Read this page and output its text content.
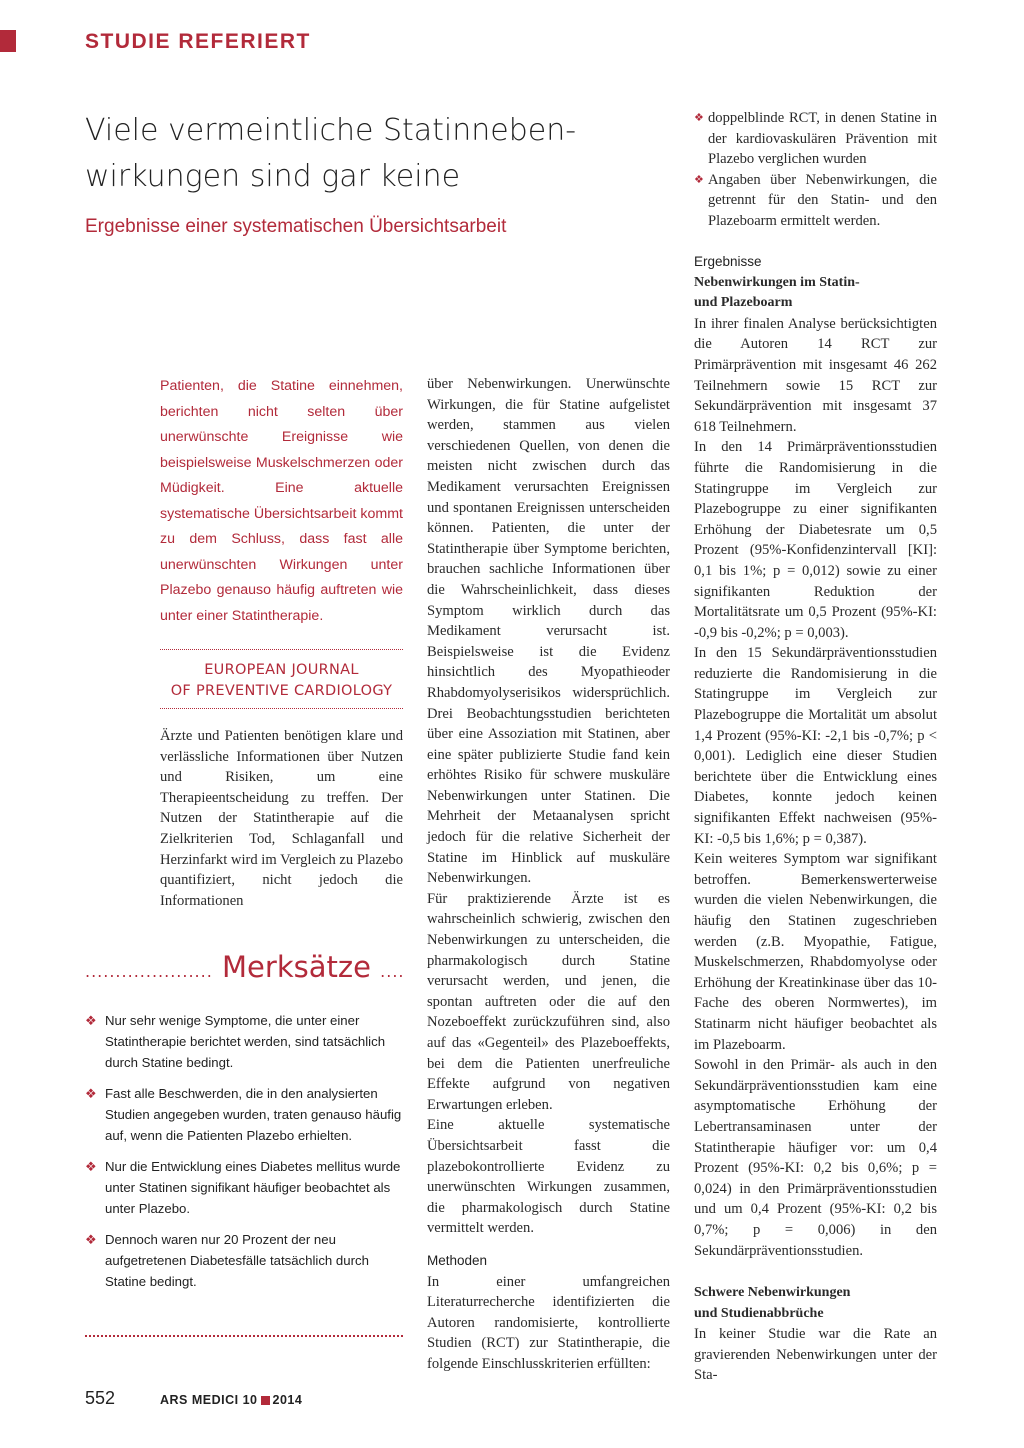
STUDIE REFERIERT
Viele vermeintliche Statinneben-
wirkungen sind gar keine
Ergebnisse einer systematischen Übersichtsarbeit
Patienten, die Statine einnehmen, berichten nicht selten über unerwünschte Ereignisse wie beispielsweise Muskelschmerzen oder Müdigkeit. Eine aktuelle systematische Übersichtsarbeit kommt zu dem Schluss, dass fast alle unerwünschten Wirkungen unter Plazebo genauso häufig auftreten wie unter einer Statintherapie.
EUROPEAN JOURNAL
OF PREVENTIVE CARDIOLOGY
Ärzte und Patienten benötigen klare und verlässliche Informationen über Nutzen und Risiken, um eine Therapieentscheidung zu treffen. Der Nutzen der Statintherapie auf die Zielkriterien Tod, Schlaganfall und Herzinfarkt wird im Vergleich zu Plazebo quantifiziert, nicht jedoch die Informationen
..................... Merksätze ....
❖ Nur sehr wenige Symptome, die unter einer Statintherapie berichtet werden, sind tatsächlich durch Statine bedingt.
❖ Fast alle Beschwerden, die in den analysierten Studien angegeben wurden, traten genauso häufig auf, wenn die Patienten Plazebo erhielten.
❖ Nur die Entwicklung eines Diabetes mellitus wurde unter Statinen signifikant häufiger beobachtet als unter Plazebo.
❖ Dennoch waren nur 20 Prozent der neu aufgetretenen Diabetesfälle tatsächlich durch Statine bedingt.

über Nebenwirkungen. Unerwünschte Wirkungen, die für Statine aufgelistet werden, stammen aus vielen verschiedenen Quellen, von denen die meisten nicht zwischen durch das Medikament verursachten Ereignissen und spontanen Ereignissen unterscheiden können. Patienten, die unter der Statintherapie über Symptome berichten, brauchen sachliche Informationen über die Wahrscheinlichkeit, dass dieses Symptom wirklich durch das Medikament verursacht ist. Beispielsweise ist die Evidenz hinsichtlich des Myopathieoder Rhabdomyolyserisikos widersprüchlich. Drei Beobachtungsstudien berichteten über eine Assoziation mit Statinen, aber eine später publizierte Studie fand kein erhöhtes Risiko für schwere muskuläre Nebenwirkungen unter Statinen. Die Mehrheit der Metaanalysen spricht jedoch für die relative Sicherheit der Statine im Hinblick auf muskuläre Nebenwirkungen.

Für praktizierende Ärzte ist es wahrscheinlich schwierig, zwischen den Nebenwirkungen zu unterscheiden, die pharmakologisch durch Statine verursacht werden, und jenen, die spontan auftreten oder die auf den Nozeboeffekt zurückzuführen sind, also auf das «Gegenteil» des Plazeboeffekts, bei dem die Patienten unerfreuliche Effekte aufgrund von negativen Erwartungen erleben.

Eine aktuelle systematische Übersichtsarbeit fasst die plazebokontrollierte Evidenz zu unerwünschten Wirkungen zusammen, die pharmakologisch durch Statine vermittelt werden.

Methoden

In einer umfangreichen Literaturrecherche identifizierten die Autoren randomisierte, kontrollierte Studien (RCT) zur Statintherapie, die folgende Einschlusskriterien erfüllten:

❖ doppelblinde RCT, in denen Statine in der kardiovaskulären Prävention mit Plazebo verglichen wurden
❖ Angaben über Nebenwirkungen, die getrennt für den Statin- und den Plazeboarm ermittelt werden.
Ergebnisse
Nebenwirkungen im Statin-
und Plazeboarm

In ihrer finalen Analyse berücksichtigten die Autoren 14 RCT zur Primärprävention mit insgesamt 46 262 Teilnehmern sowie 15 RCT zur Sekundärprävention mit insgesamt 37 618 Teilnehmern.

In den 14 Primärpräventionsstudien führte die Randomisierung in die Statingruppe im Vergleich zur Plazebogruppe zu einer signifikanten Erhöhung der Diabetesrate um 0,5 Prozent (95%-Konfidenzintervall [KI]: 0,1 bis 1%; p = 0,012) sowie zu einer signifikanten Reduktion der Mortalitätsrate um 0,5 Prozent (95%-KI: -0,9 bis -0,2%; p = 0,003).

In den 15 Sekundärpräventionsstudien reduzierte die Randomisierung in die Statingruppe im Vergleich zur Plazebogruppe die Mortalität um absolut 1,4 Prozent (95%-KI: -2,1 bis -0,7%; p < 0,001). Lediglich eine dieser Studien berichtete über die Entwicklung eines Diabetes, konnte jedoch keinen signifikanten Effekt nachweisen (95%-KI: -0,5 bis 1,6%; p = 0,387).

Kein weiteres Symptom war signifikant betroffen. Bemerkenswerterweise wurden die vielen Nebenwirkungen, die häufig den Statinen zugeschrieben werden (z.B. Myopathie, Fatigue, Muskelschmerzen, Rhabdomyolyse oder Erhöhung der Kreatinkinase über das 10-Fache des oberen Normwertes), im Statinarm nicht häufiger beobachtet als im Plazeboarm.

Sowohl in den Primär- als auch in den Sekundärpräventionsstudien kam eine asymptomatische Erhöhung der Lebertransaminasen unter der Statintherapie häufiger vor: um 0,4 Prozent (95%-KI: 0,2 bis 0,6%; p = 0,024) in den Primärpräventionsstudien und um 0,4 Prozent (95%-KI: 0,2 bis 0,7%; p = 0,006) in den Sekundärpräventionsstudien.

Schwere Nebenwirkungen
und Studienabbrüche

In keiner Studie war die Rate an gravierenden Nebenwirkungen unter der Sta-

552	ARS MEDICI 10 2014
